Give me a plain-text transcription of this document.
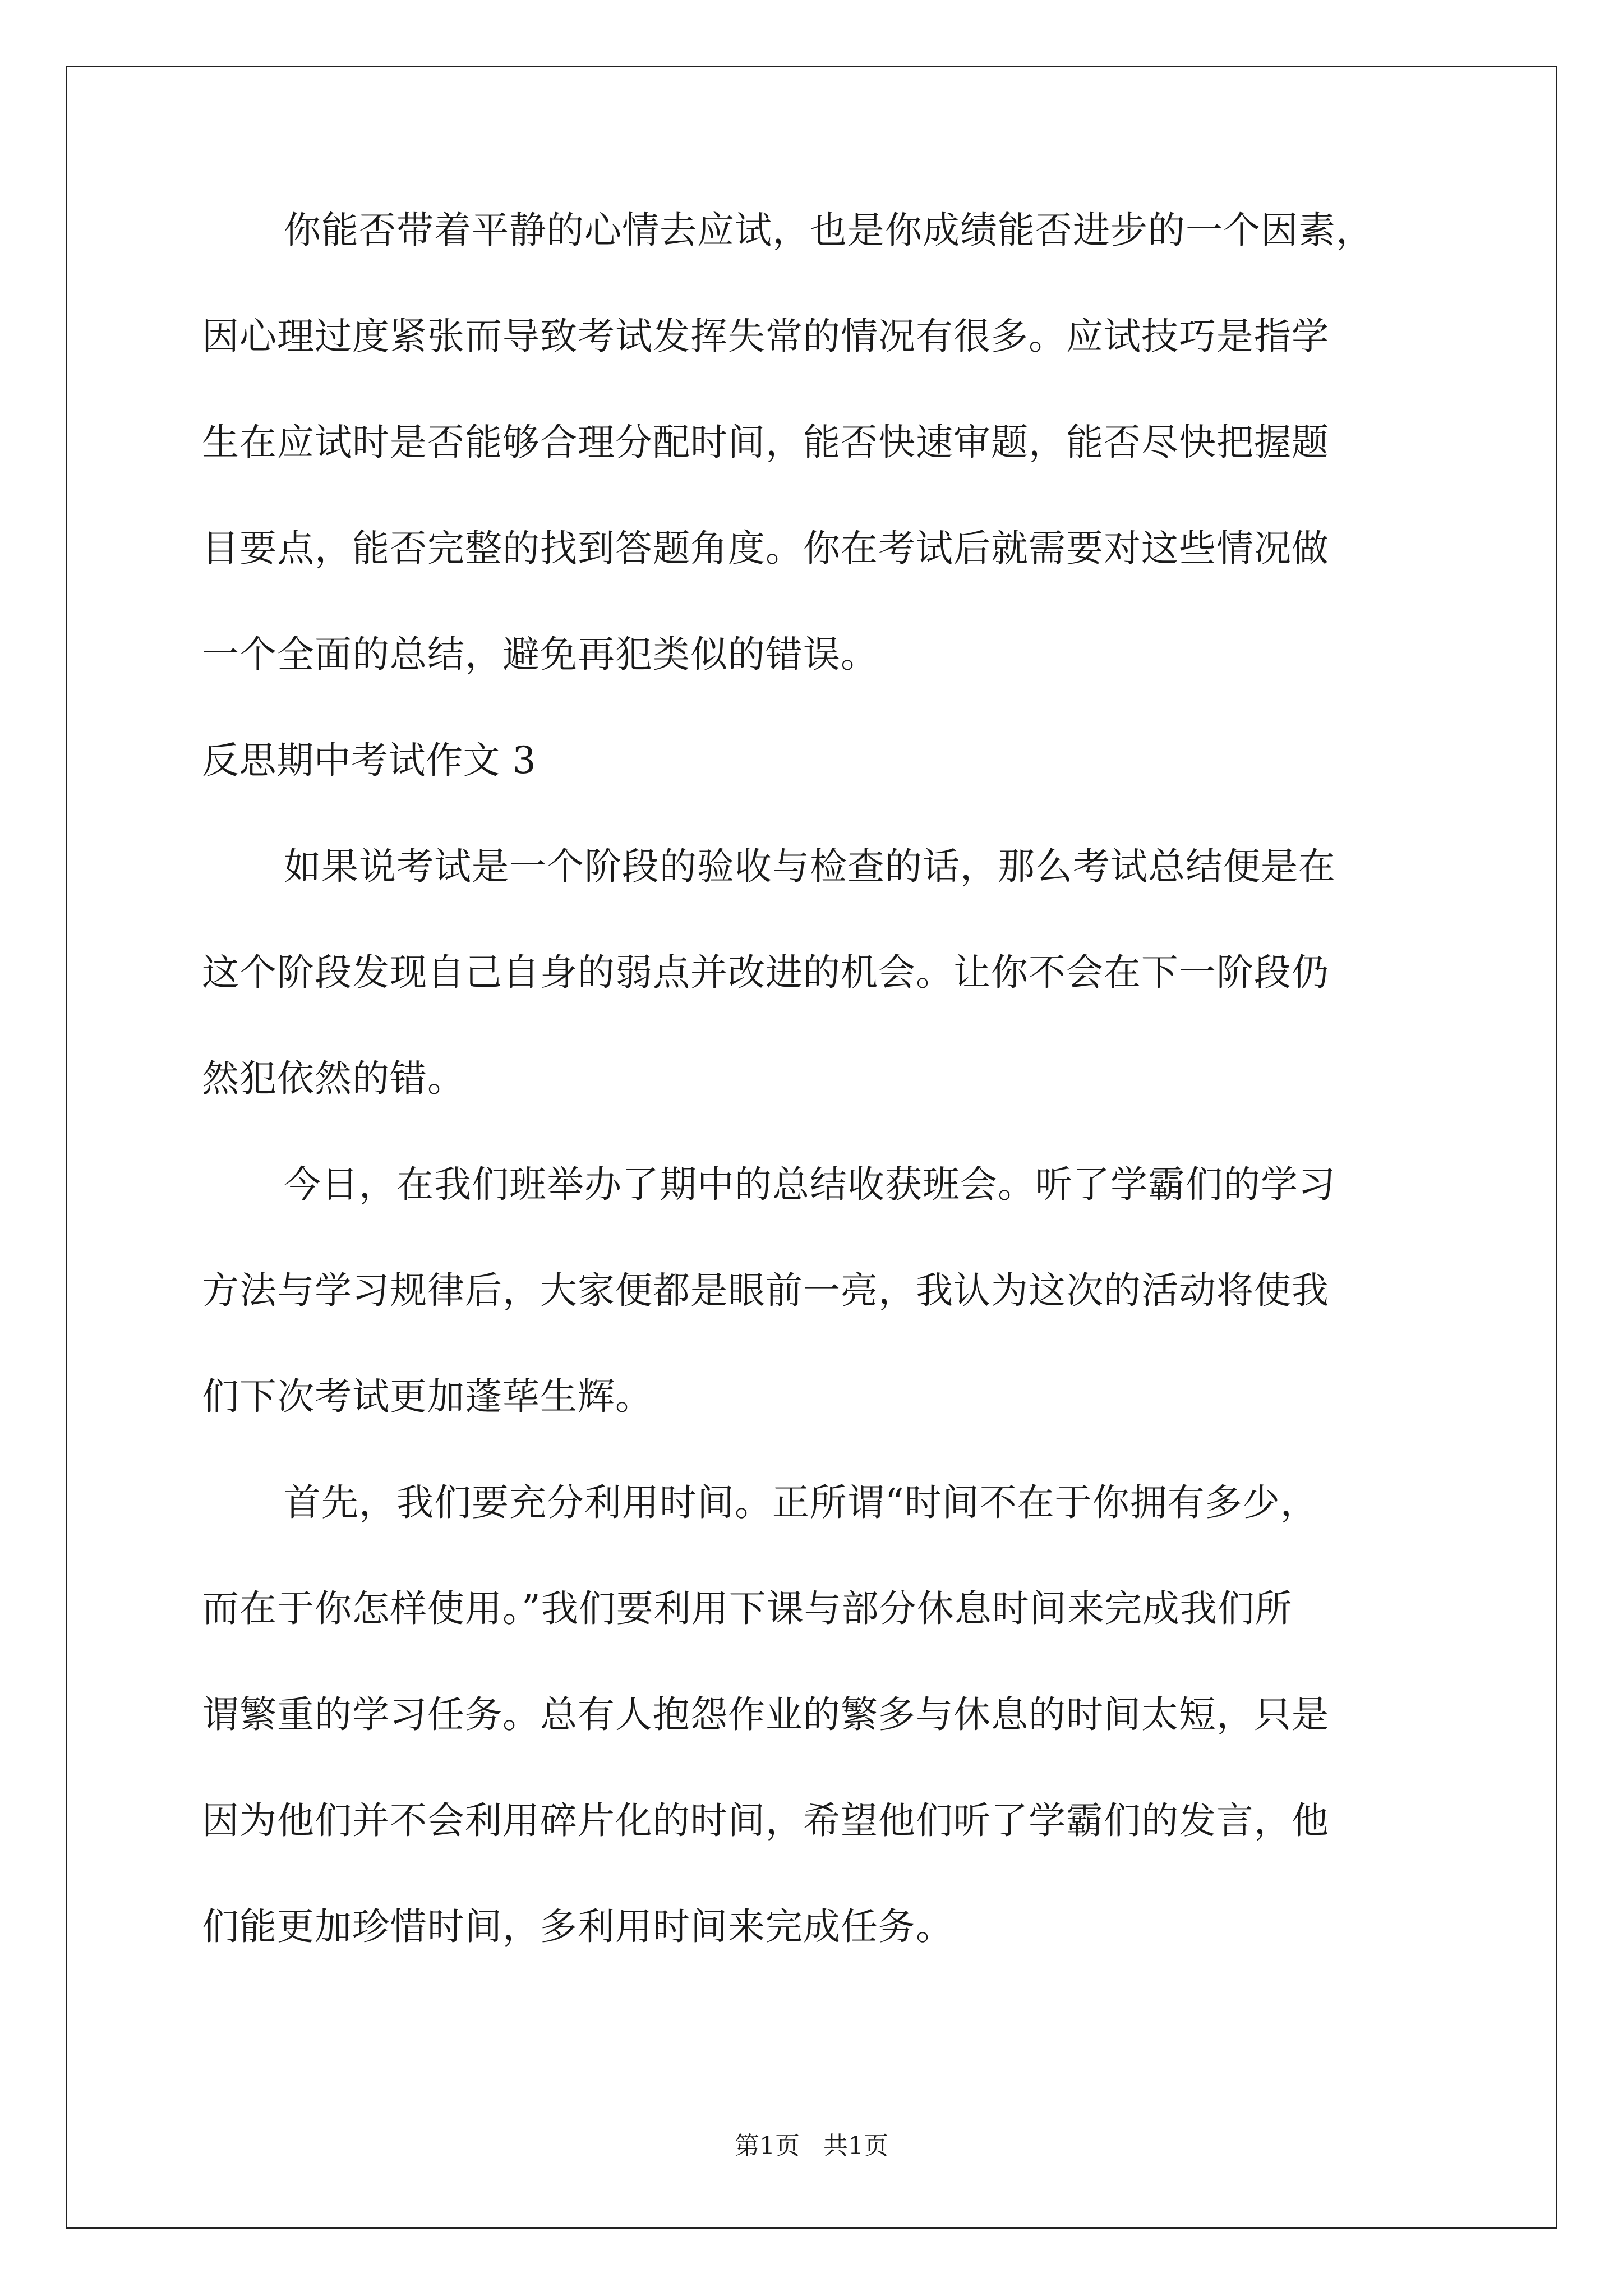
你能否带着平静的心情去应试，也是你成绩能否进步的一个因素，
因心理过度紧张而导致考试发挥失常的情况有很多。应试技巧是指学
生在应试时是否能够合理分配时间，能否快速审题，能否尽快把握题
目要点，能否完整的找到答题角度。你在考试后就需要对这些情况做
一个全面的总结，避免再犯类似的错误。
反思期中考试作文 3
如果说考试是一个阶段的验收与检查的话，那么考试总结便是在
这个阶段发现自己自身的弱点并改进的机会。让你不会在下一阶段仍
然犯依然的错。
今日，在我们班举办了期中的总结收获班会。听了学霸们的学习
方法与学习规律后，大家便都是眼前一亮，我认为这次的活动将使我
们下次考试更加蓬荜生辉。
首先，我们要充分利用时间。正所谓“时间不在于你拥有多少，
而在于你怎样使用。”我们要利用下课与部分休息时间来完成我们所
谓繁重的学习任务。总有人抱怨作业的繁多与休息的时间太短，只是
因为他们并不会利用碎片化的时间，希望他们听了学霸们的发言，他
们能更加珍惜时间，多利用时间来完成任务。
第1页   共1页
